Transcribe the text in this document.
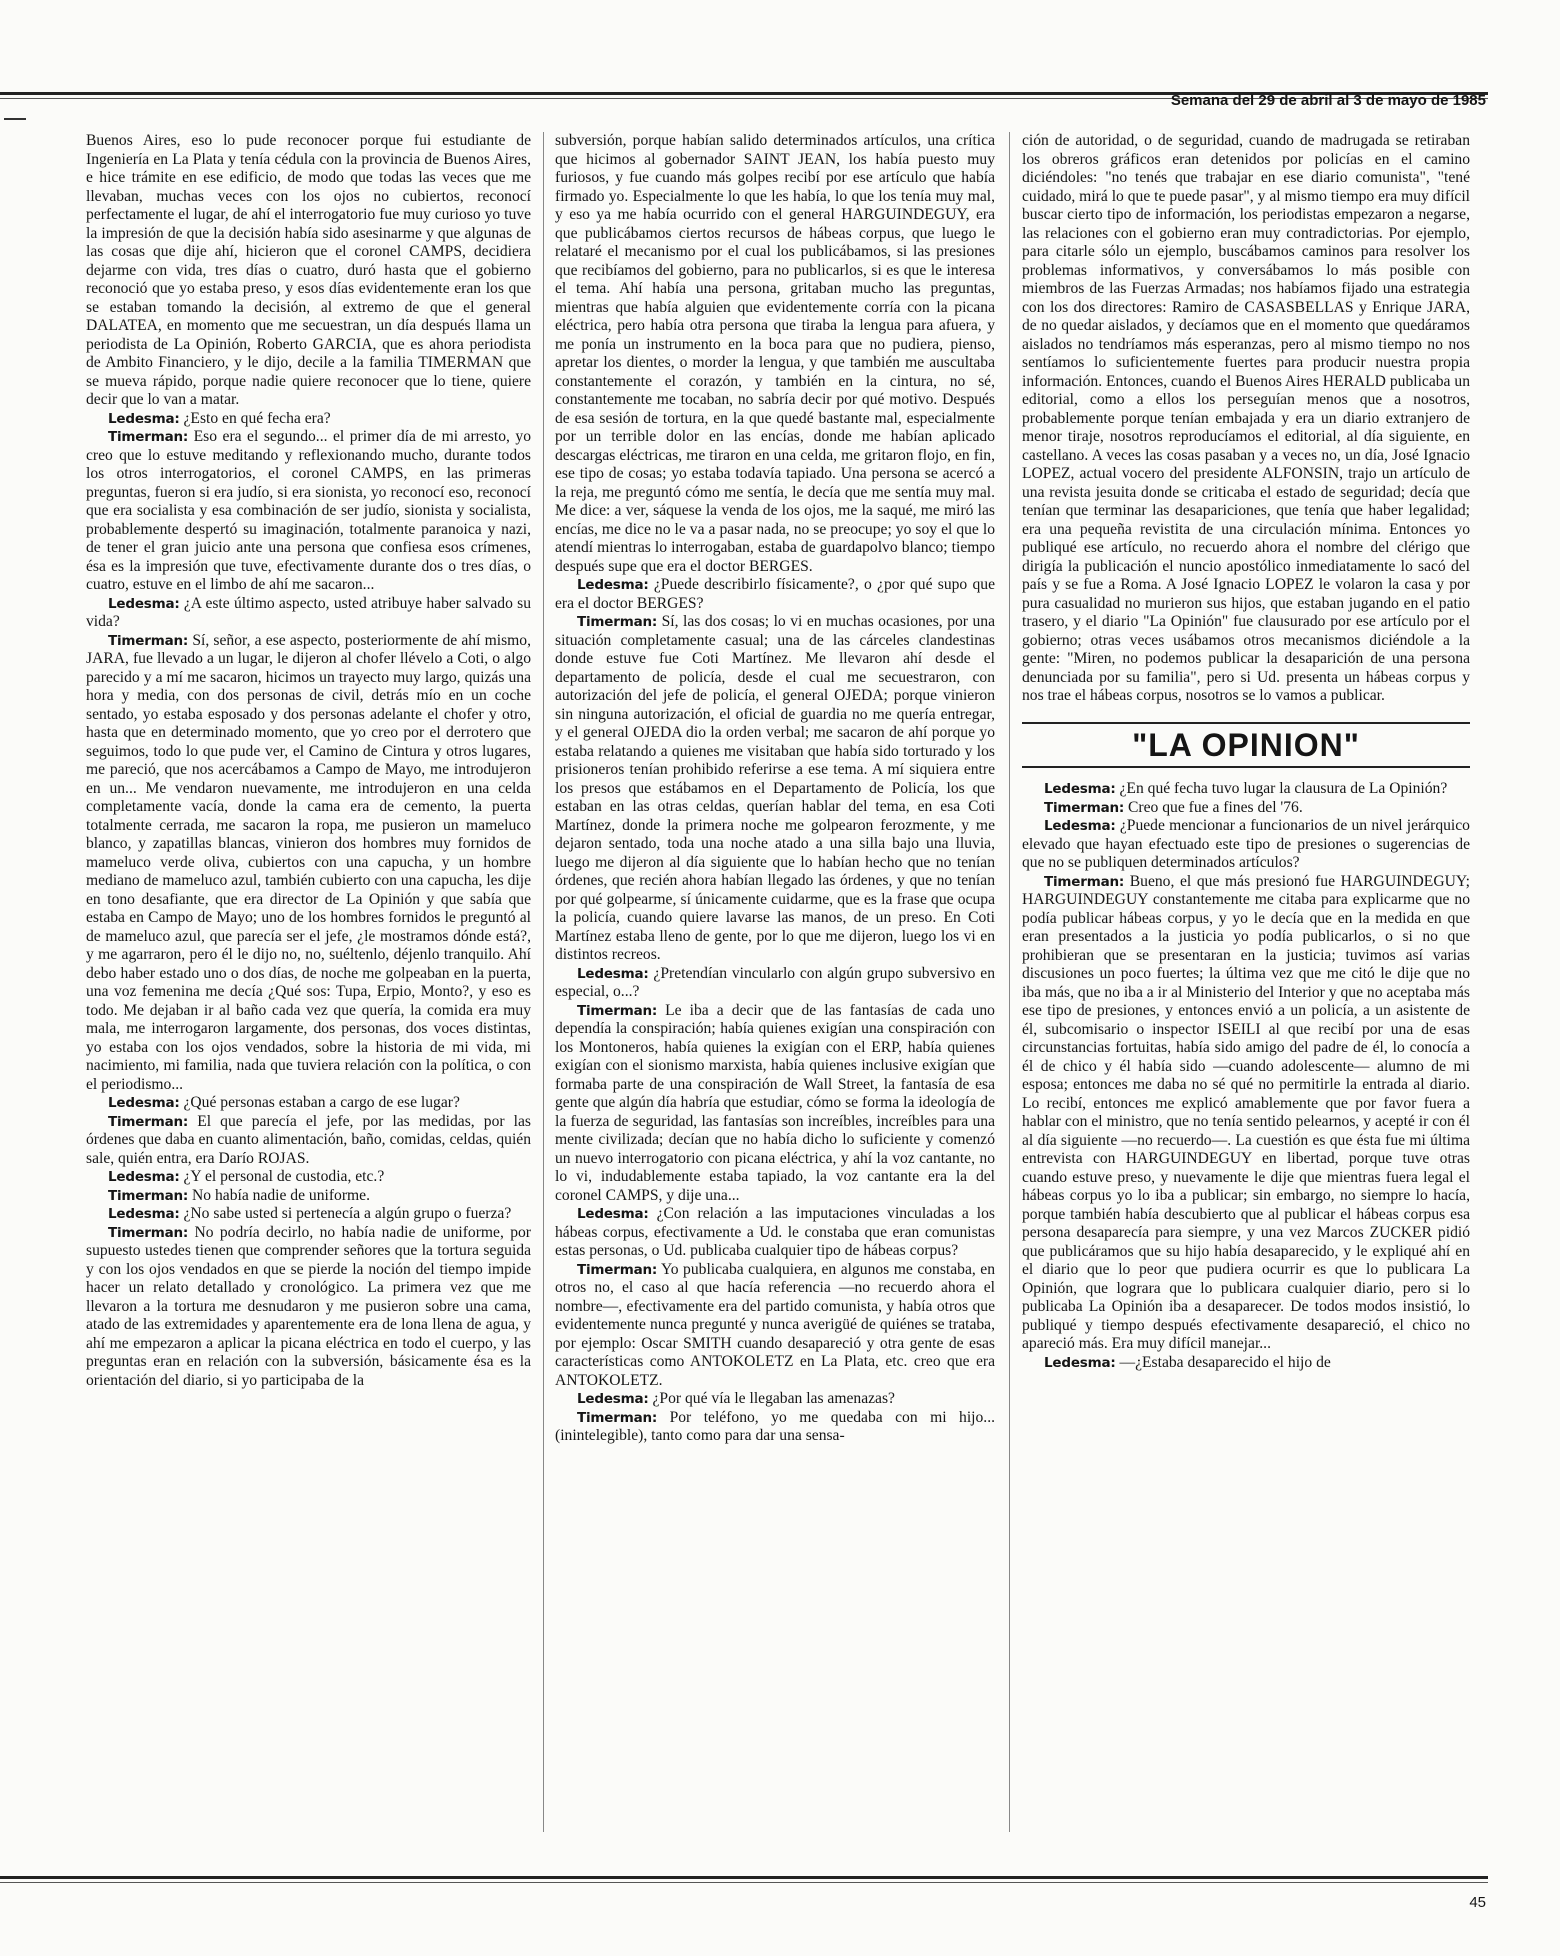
Semana del 29 de abril al 3 de mayo de 1985

Buenos Aires, eso lo pude reconocer porque fui estudiante de Ingeniería en La Plata y tenía cédula con la provincia de Buenos Aires, e hice trámite en ese edificio, de modo que todas las veces que me llevaban, muchas veces con los ojos no cubiertos, reconocí perfectamente el lugar, de ahí el interrogatorio fue muy curioso yo tuve la impresión de que la decisión había sido asesinarme y que algunas de las cosas que dije ahí, hicieron que el coronel CAMPS, decidiera dejarme con vida, tres días o cuatro, duró hasta que el gobierno reconoció que yo estaba preso, y esos días evidentemente eran los que se estaban tomando la decisión, al extremo de que el general DALATEA, en momento que me secuestran, un día después llama un periodista de La Opinión, Roberto GARCIA, que es ahora periodista de Ambito Financiero, y le dijo, decile a la familia TIMERMAN que se mueva rápido, porque nadie quiere reconocer que lo tiene, quiere decir que lo van a matar.

Ledesma: ¿Esto en qué fecha era?

Timerman: Eso era el segundo... el primer día de mi arresto, yo creo que lo estuve meditando y reflexionando mucho, durante todos los otros interrogatorios, el coronel CAMPS, en las primeras preguntas, fueron si era judío, si era sionista, yo reconocí eso, reconocí que era socialista y esa combinación de ser judío, sionista y socialista, probablemente despertó su imaginación, totalmente paranoica y nazi, de tener el gran juicio ante una persona que confiesa esos crímenes, ésa es la impresión que tuve, efectivamente durante dos o tres días, o cuatro, estuve en el limbo de ahí me sacaron...

Ledesma: ¿A este último aspecto, usted atribuye haber salvado su vida?

Timerman: Sí, señor, a ese aspecto, posteriormente de ahí mismo, JARA, fue llevado a un lugar, le dijeron al chofer llévelo a Coti, o algo parecido y a mí me sacaron, hicimos un trayecto muy largo, quizás una hora y media, con dos personas de civil, detrás mío en un coche sentado, yo estaba esposado y dos personas adelante el chofer y otro, hasta que en determinado momento, que yo creo por el derrotero que seguimos, todo lo que pude ver, el Camino de Cintura y otros lugares, me pareció, que nos acercábamos a Campo de Mayo, me introdujeron en un... Me vendaron nuevamente, me introdujeron en una celda completamente vacía, donde la cama era de cemento, la puerta totalmente cerrada, me sacaron la ropa, me pusieron un mameluco blanco, y zapatillas blancas, vinieron dos hombres muy fornidos de mameluco verde oliva, cubiertos con una capucha, y un hombre mediano de mameluco azul, también cubierto con una capucha, les dije en tono desafiante, que era director de La Opinión y que sabía que estaba en Campo de Mayo; uno de los hombres fornidos le preguntó al de mameluco azul, que parecía ser el jefe, ¿le mostramos dónde está?, y me agarraron, pero él le dijo no, no, suéltenlo, déjenlo tranquilo. Ahí debo haber estado uno o dos días, de noche me golpeaban en la puerta, una voz femenina me decía ¿Qué sos: Tupa, Erpio, Monto?, y eso es todo. Me dejaban ir al baño cada vez que quería, la comida era muy mala, me interrogaron largamente, dos personas, dos voces distintas, yo estaba con los ojos vendados, sobre la historia de mi vida, mi nacimiento, mi familia, nada que tuviera relación con la política, o con el periodismo...

Ledesma: ¿Qué personas estaban a cargo de ese lugar?

Timerman: El que parecía el jefe, por las medidas, por las órdenes que daba en cuanto alimentación, baño, comidas, celdas, quién sale, quién entra, era Darío ROJAS.

Ledesma: ¿Y el personal de custodia, etc.?

Timerman: No había nadie de uniforme.

Ledesma: ¿No sabe usted si pertenecía a algún grupo o fuerza?

Timerman: No podría decirlo, no había nadie de uniforme, por supuesto ustedes tienen que comprender señores que la tortura seguida y con los ojos vendados en que se pierde la noción del tiempo impide hacer un relato detallado y cronológico. La primera vez que me llevaron a la tortura me desnudaron y me pusieron sobre una cama, atado de las extremidades y aparentemente era de lona llena de agua, y ahí me empezaron a aplicar la picana eléctrica en todo el cuerpo, y las preguntas eran en relación con la subversión, básicamente ésa es la orientación del diario, si yo participaba de la

subversión, porque habían salido determinados artículos, una crítica que hicimos al gobernador SAINT JEAN, los había puesto muy furiosos, y fue cuando más golpes recibí por ese artículo que había firmado yo. Especialmente lo que les había, lo que los tenía muy mal, y eso ya me había ocurrido con el general HARGUINDEGUY, era que publicábamos ciertos recursos de hábeas corpus, que luego le relataré el mecanismo por el cual los publicábamos, si las presiones que recibíamos del gobierno, para no publicarlos, si es que le interesa el tema. Ahí había una persona, gritaban mucho las preguntas, mientras que había alguien que evidentemente corría con la picana eléctrica, pero había otra persona que tiraba la lengua para afuera, y me ponía un instrumento en la boca para que no pudiera, pienso, apretar los dientes, o morder la lengua, y que también me auscultaba constantemente el corazón, y también en la cintura, no sé, constantemente me tocaban, no sabría decir por qué motivo. Después de esa sesión de tortura, en la que quedé bastante mal, especialmente por un terrible dolor en las encías, donde me habían aplicado descargas eléctricas, me tiraron en una celda, me gritaron flojo, en fin, ese tipo de cosas; yo estaba todavía tapiado. Una persona se acercó a la reja, me preguntó cómo me sentía, le decía que me sentía muy mal. Me dice: a ver, sáquese la venda de los ojos, me la saqué, me miró las encías, me dice no le va a pasar nada, no se preocupe; yo soy el que lo atendí mientras lo interrogaban, estaba de guardapolvo blanco; tiempo después supe que era el doctor BERGES.

Ledesma: ¿Puede describirlo físicamente?, o ¿por qué supo que era el doctor BERGES?

Timerman: Sí, las dos cosas; lo vi en muchas ocasiones, por una situación completamente casual; una de las cárceles clandestinas donde estuve fue Coti Martínez. Me llevaron ahí desde el departamento de policía, desde el cual me secuestraron, con autorización del jefe de policía, el general OJEDA; porque vinieron sin ninguna autorización, el oficial de guardia no me quería entregar, y el general OJEDA dio la orden verbal; me sacaron de ahí porque yo estaba relatando a quienes me visitaban que había sido torturado y los prisioneros tenían prohibido referirse a ese tema. A mí siquiera entre los presos que estábamos en el Departamento de Policía, los que estaban en las otras celdas, querían hablar del tema, en esa Coti Martínez, donde la primera noche me golpearon ferozmente, y me dejaron sentado, toda una noche atado a una silla bajo una lluvia, luego me dijeron al día siguiente que lo habían hecho que no tenían órdenes, que recién ahora habían llegado las órdenes, y que no tenían por qué golpearme, sí únicamente cuidarme, que es la frase que ocupa la policía, cuando quiere lavarse las manos, de un preso. En Coti Martínez estaba lleno de gente, por lo que me dijeron, luego los vi en distintos recreos.

Ledesma: ¿Pretendían vincularlo con algún grupo subversivo en especial, o...?

Timerman: Le iba a decir que de las fantasías de cada uno dependía la conspiración; había quienes exigían una conspiración con los Montoneros, había quienes la exigían con el ERP, había quienes exigían con el sionismo marxista, había quienes inclusive exigían que formaba parte de una conspiración de Wall Street, la fantasía de esa gente que algún día habría que estudiar, cómo se forma la ideología de la fuerza de seguridad, las fantasías son increíbles, increíbles para una mente civilizada; decían que no había dicho lo suficiente y comenzó un nuevo interrogatorio con picana eléctrica, y ahí la voz cantante, no lo vi, indudablemente estaba tapiado, la voz cantante era la del coronel CAMPS, y dije una...

Ledesma: ¿Con relación a las imputaciones vinculadas a los hábeas corpus, efectivamente a Ud. le constaba que eran comunistas estas personas, o Ud. publicaba cualquier tipo de hábeas corpus?

Timerman: Yo publicaba cualquiera, en algunos me constaba, en otros no, el caso al que hacía referencia —no recuerdo ahora el nombre—, efectivamente era del partido comunista, y había otros que evidentemente nunca pregunté y nunca averigüé de quiénes se trataba, por ejemplo: Oscar SMITH cuando desapareció y otra gente de esas características como ANTOKOLETZ en La Plata, etc. creo que era ANTOKOLETZ.

Ledesma: ¿Por qué vía le llegaban las amenazas?

Timerman: Por teléfono, yo me quedaba con mi hijo... (inintelegible), tanto como para dar una sensa-

ción de autoridad, o de seguridad, cuando de madrugada se retiraban los obreros gráficos eran detenidos por policías en el camino diciéndoles: "no tenés que trabajar en ese diario comunista", "tené cuidado, mirá lo que te puede pasar", y al mismo tiempo era muy difícil buscar cierto tipo de información, los periodistas empezaron a negarse, las relaciones con el gobierno eran muy contradictorias. Por ejemplo, para citarle sólo un ejemplo, buscábamos caminos para resolver los problemas informativos, y conversábamos lo más posible con miembros de las Fuerzas Armadas; nos habíamos fijado una estrategia con los dos directores: Ramiro de CASASBELLAS y Enrique JARA, de no quedar aislados, y decíamos que en el momento que quedáramos aislados no tendríamos más esperanzas, pero al mismo tiempo no nos sentíamos lo suficientemente fuertes para producir nuestra propia información. Entonces, cuando el Buenos Aires HERALD publicaba un editorial, como a ellos los perseguían menos que a nosotros, probablemente porque tenían embajada y era un diario extranjero de menor tiraje, nosotros reproducíamos el editorial, al día siguiente, en castellano. A veces las cosas pasaban y a veces no, un día, José Ignacio LOPEZ, actual vocero del presidente ALFONSIN, trajo un artículo de una revista jesuita donde se criticaba el estado de seguridad; decía que tenían que terminar las desapariciones, que tenía que haber legalidad; era una pequeña revistita de una circulación mínima. Entonces yo publiqué ese artículo, no recuerdo ahora el nombre del clérigo que dirigía la publicación el nuncio apostólico inmediatamente lo sacó del país y se fue a Roma. A José Ignacio LOPEZ le volaron la casa y por pura casualidad no murieron sus hijos, que estaban jugando en el patio trasero, y el diario "La Opinión" fue clausurado por ese artículo por el gobierno; otras veces usábamos otros mecanismos diciéndole a la gente: "Miren, no podemos publicar la desaparición de una persona denunciada por su familia", pero si Ud. presenta un hábeas corpus y nos trae el hábeas corpus, nosotros se lo vamos a publicar.

"LA OPINION"

Ledesma: ¿En qué fecha tuvo lugar la clausura de La Opinión?

Timerman: Creo que fue a fines del '76.

Ledesma: ¿Puede mencionar a funcionarios de un nivel jerárquico elevado que hayan efectuado este tipo de presiones o sugerencias de que no se publiquen determinados artículos?

Timerman: Bueno, el que más presionó fue HARGUINDEGUY; HARGUINDEGUY constantemente me citaba para explicarme que no podía publicar hábeas corpus, y yo le decía que en la medida en que eran presentados a la justicia yo podía publicarlos, o si no que prohibieran que se presentaran en la justicia; tuvimos así varias discusiones un poco fuertes; la última vez que me citó le dije que no iba más, que no iba a ir al Ministerio del Interior y que no aceptaba más ese tipo de presiones, y entonces envió a un policía, a un asistente de él, subcomisario o inspector ISEILI al que recibí por una de esas circunstancias fortuitas, había sido amigo del padre de él, lo conocía a él de chico y él había sido —cuando adolescente— alumno de mi esposa; entonces me daba no sé qué no permitirle la entrada al diario. Lo recibí, entonces me explicó amablemente que por favor fuera a hablar con el ministro, que no tenía sentido pelearnos, y acepté ir con él al día siguiente —no recuerdo—. La cuestión es que ésta fue mi última entrevista con HARGUINDEGUY en libertad, porque tuve otras cuando estuve preso, y nuevamente le dije que mientras fuera legal el hábeas corpus yo lo iba a publicar; sin embargo, no siempre lo hacía, porque también había descubierto que al publicar el hábeas corpus esa persona desaparecía para siempre, y una vez Marcos ZUCKER pidió que publicáramos que su hijo había desaparecido, y le expliqué ahí en el diario que lo peor que pudiera ocurrir es que lo publicara La Opinión, que lograra que lo publicara cualquier diario, pero si lo publicaba La Opinión iba a desaparecer. De todos modos insistió, lo publiqué y tiempo después efectivamente desapareció, el chico no apareció más. Era muy difícil manejar...

Ledesma: —¿Estaba desaparecido el hijo de

45
